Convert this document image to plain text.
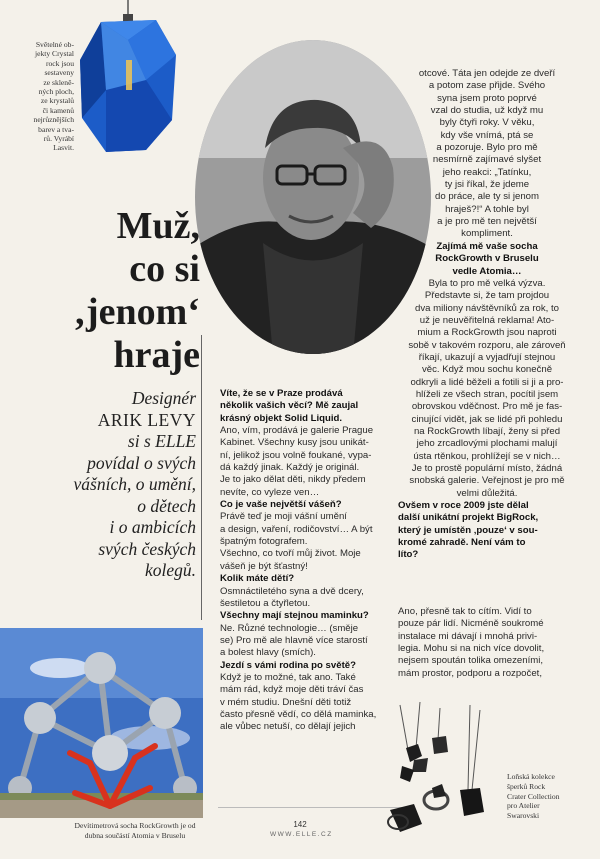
Světelné ob-
jekty Crystal
rock jsou
sestaveny
ze skleně-
ných ploch,
ze krystalů
či kamenů
nejrůznějších
barev a tva-
rů. Vyrábí
Lasvit.
Muž,
co si
‚jenom‘
hraje
Designér
ARIK LEVY
si s ELLE
povídal o svých
vášních, o umění,
o dětech
i o ambicích
svých českých
kolegů.
Víte, že se v Praze prodává
několik vašich věcí? Mě zaujal
krásný objekt Solid Liquid.
Ano, vím, prodává je galerie Prague
Kabinet. Všechny kusy jsou unikát-
ní, jelikož jsou volně foukané, vypa-
dá každý jinak. Každý je originál.
Je to jako dělat děti, nikdy předem
nevíte, co vyleze ven…
Co je vaše největší vášeň?
Právě teď je moji vášní umění
a design, vaření, rodičovství… A být
špatným fotografem.
Všechno, co tvoří můj život. Moje
vášeň je být šťastný!
Kolik máte dětí?
Osmnáctiletého syna a dvě dcery,
šestiletou a čtyřletou.
Všechny mají stejnou maminku?
Ne. Různé technologie… (směje
se) Pro mě ale hlavně více starostí
a bolest hlavy (smích).
Jezdí s vámi rodina po světě?
Když je to možné, tak ano. Také
mám rád, když moje děti tráví čas
v mém studiu. Dnešní děti totiž
často přesně vědí, co dělá maminka,
ale vůbec netuší, co dělají jejich
otcové. Táta jen odejde ze dveří
a potom zase přijde. Svého
syna jsem proto poprvé
vzal do studia, už když mu
byly čtyři roky. V věku,
kdy vše vnímá, ptá se
a pozoruje. Bylo pro mě
nesmírně zajímavé slyšet
jeho reakci: „Tatínku,
ty jsi říkal, že jdeme
do práce, ale ty si jenom
hraješ?!“ A tohle byl
a je pro mě ten největší
kompliment.
Zajímá mě vaše socha
RockGrowth v Bruselu
vedle Atomia…
Byla to pro mě velká výzva.
Představte si, že tam projdou
dva miliony návštěvníků za rok, to
už je neuvěřitelná reklama! Ato-
mium a RockGrowth jsou naproti
sobě v takovém rozporu, ale zároveň
říkají, ukazují a vyjadřují stejnou
věc. Když mou sochu konečně
odkryli a lidé běželi a fotili si ji a pro-
hlíželi ze všech stran, pocítil jsem
obrovskou vděčnost. Pro mě je fas-
cinující vidět, jak se lidé při pohledu
na RockGrowth líbají, ženy si před
jeho zrcadlovými plochami malují
ústa rtěnkou, prohlížejí se v nich…
Je to prostě populární místo, žádná
snobská galerie. Veřejnost je pro mě
velmi důležitá.
Ovšem v roce 2009 jste dělal
další unikátní projekt BigRock,
který je umístěn ‚pouze‘ v sou-
kromé zahradě. Není vám to
líto?
Ano, přesně tak to cítím. Vidí to
pouze pár lidí. Nicméně soukromé
instalace mi dávají i mnohá privi-
legia. Mohu si na nich více dovolit,
nejsem spoután tolika omezeními,
mám prostor, podporu a rozpočet,
Devítimetrová socha RockGrowth je od
dubna součástí Atomia v Bruselu
142
WWW.ELLE.CZ
Loňská kolekce
šperků Rock
Crater Collection
pro Atelier
Swarovski
